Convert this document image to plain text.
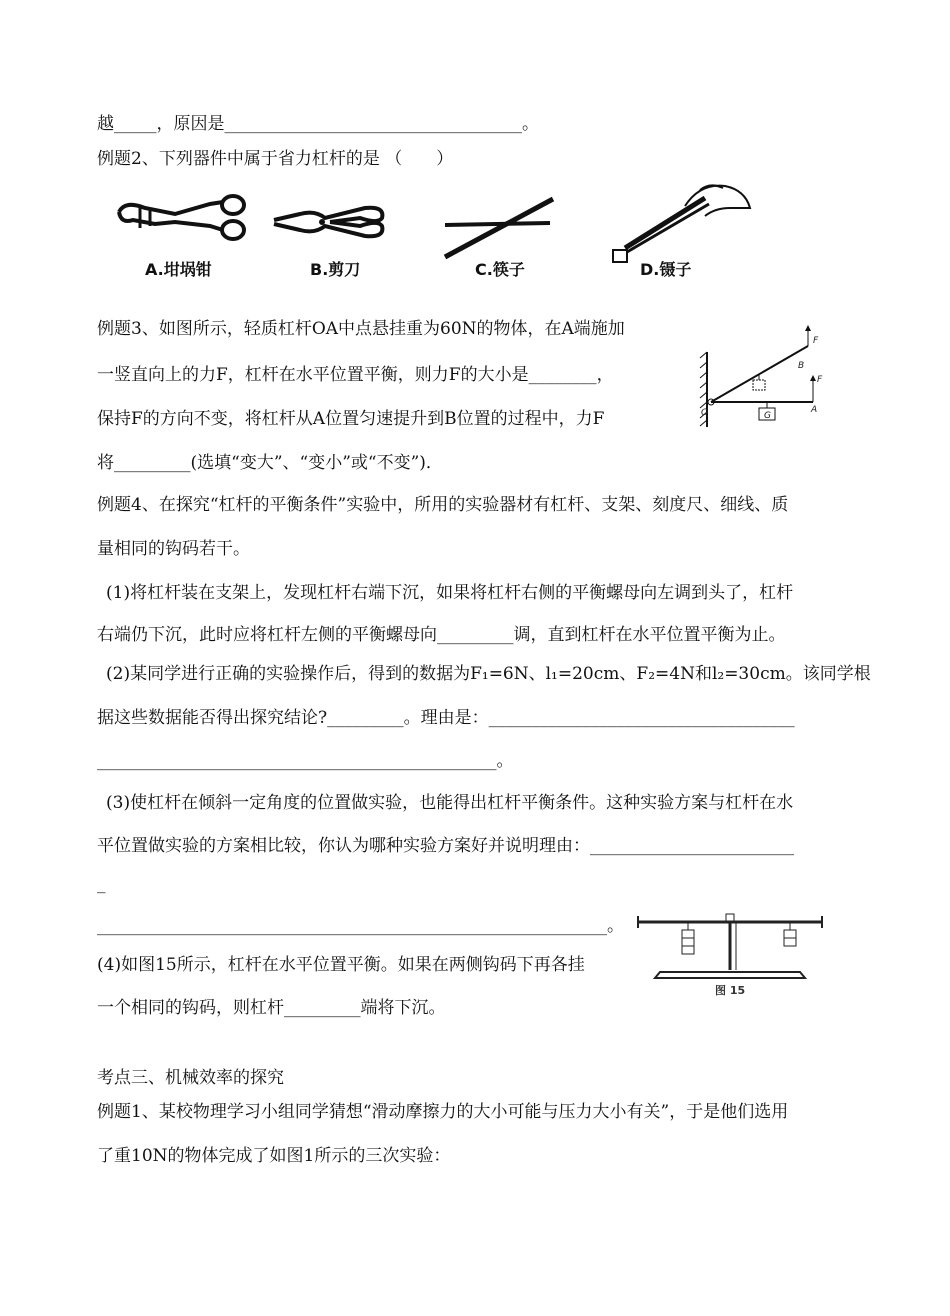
越_____，原因是___________________________________。
例题2、下列器件中属于省力杠杆的是 （　　）
A.坩埚钳	B.剪刀	C.筷子	D.镊子
例题3、如图所示，轻质杠杆OA中点悬挂重为60N的物体，在A端施加
一竖直向上的力F，杠杆在水平位置平衡，则力F的大小是________，
保持F的方向不变，将杠杆从A位置匀速提升到B位置的过程中，力F
将_________(选填“变大”、“变小”或“不变”)．
F
B
F
A
O	G
例题4、在探究“杠杆的平衡条件”实验中，所用的实验器材有杠杆、支架、刻度尺、细线、质
量相同的钩码若干。
(1)将杠杆装在支架上，发现杠杆右端下沉，如果将杠杆右侧的平衡螺母向左调到头了，杠杆
右端仍下沉，此时应将杠杆左侧的平衡螺母向_________调，直到杠杆在水平位置平衡为止。
(2)某同学进行正确的实验操作后，得到的数据为F₁=6N、l₁=20cm、F₂=4N和l₂=30cm。该同学根
据这些数据能否得出探究结论?_________。理由是：____________________________________
_______________________________________________。
(3)使杠杆在倾斜一定角度的位置做实验，也能得出杠杆平衡条件。这种实验方案与杠杆在水
平位置做实验的方案相比较，你认为哪种实验方案好并说明理由：________________________
_
____________________________________________________________。
(4)如图15所示，杠杆在水平位置平衡。如果在两侧钩码下再各挂
一个相同的钩码，则杠杆_________端将下沉。
图 15
考点三、机械效率的探究
例题1、某校物理学习小组同学猜想“滑动摩擦力的大小可能与压力大小有关”，于是他们选用
了重10N的物体完成了如图1所示的三次实验：
